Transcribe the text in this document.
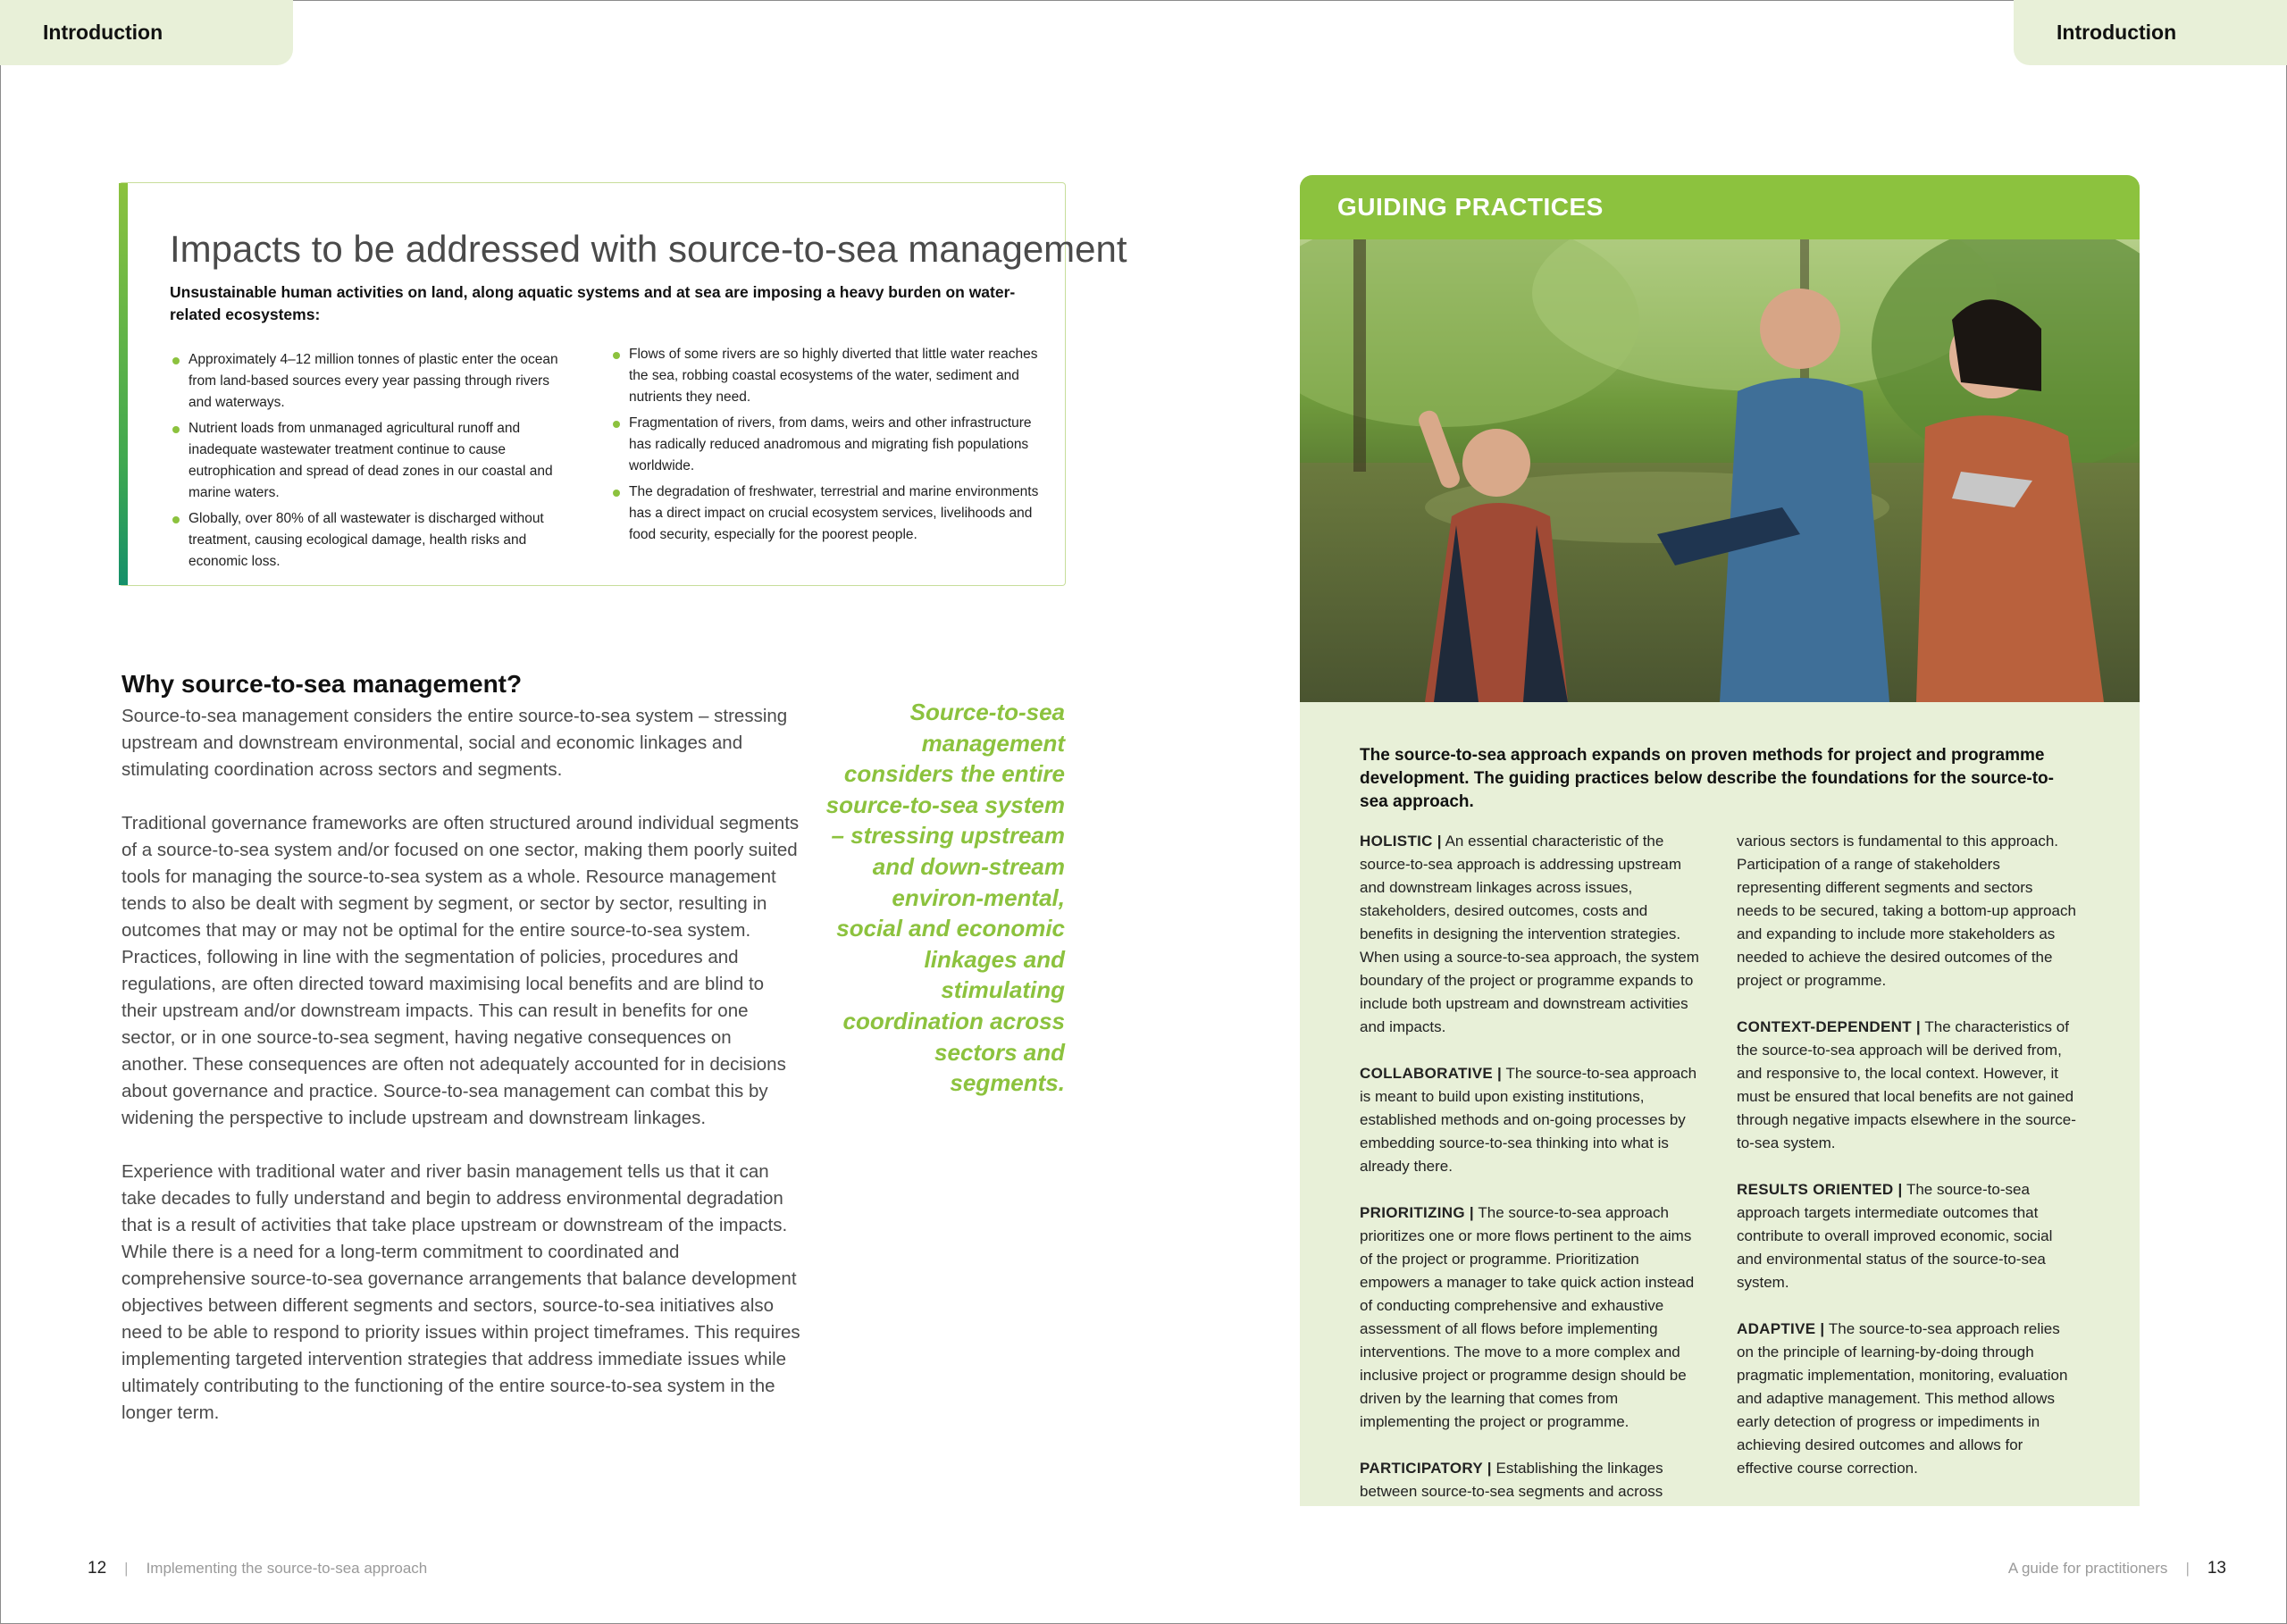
Introduction	Introduction
Impacts to be addressed with source-to-sea management

Unsustainable human activities on land, along aquatic systems and at sea are imposing a heavy burden on water-related ecosystems:

Approximately 4–12 million tonnes of plastic enter the ocean from land-based sources every year passing through rivers and waterways.
Nutrient loads from unmanaged agricultural runoff and inadequate wastewater treatment continue to cause eutrophication and spread of dead zones in our coastal and marine waters.
Globally, over 80% of all wastewater is discharged without treatment, causing ecological damage, health risks and economic loss.
Flows of some rivers are so highly diverted that little water reaches the sea, robbing coastal ecosystems of the water, sediment and nutrients they need.
Fragmentation of rivers, from dams, weirs and other infrastructure has radically reduced anadromous and migrating fish populations worldwide.
The degradation of freshwater, terrestrial and marine environments has a direct impact on crucial ecosystem services, livelihoods and food security, especially for the poorest people.
Why source-to-sea management?

Source-to-sea management considers the entire source-to-sea system – stressing upstream and downstream environmental, social and economic linkages and stimulating coordination across sectors and segments.

Traditional governance frameworks are often structured around individual segments of a source-to-sea system and/or focused on one sector, making them poorly suited tools for managing the source-to-sea system as a whole. Resource management tends to also be dealt with segment by segment, or sector by sector, resulting in outcomes that may or may not be optimal for the entire source-to-sea system. Practices, following in line with the segmentation of policies, procedures and regulations, are often directed toward maximising local benefits and are blind to their upstream and/or downstream impacts. This can result in benefits for one sector, or in one source-to-sea segment, having negative consequences on another. These consequences are often not adequately accounted for in decisions about governance and practice. Source-to-sea management can combat this by widening the perspective to include upstream and downstream linkages.

Experience with traditional water and river basin management tells us that it can take decades to fully understand and begin to address environmental degradation that is a result of activities that take place upstream or downstream of the impacts. While there is a need for a long-term commitment to coordinated and comprehensive source-to-sea governance arrangements that balance development objectives between different segments and sectors, source-to-sea initiatives also need to be able to respond to priority issues within project timeframes. This requires implementing targeted intervention strategies that address immediate issues while ultimately contributing to the functioning of the entire source-to-sea system in the longer term.

Source-to-sea management considers the entire source-to-sea system – stressing upstream and down-stream environ-mental, social and economic linkages and stimulating coordination across sectors and segments.
GUIDING PRACTICES

The source-to-sea approach expands on proven methods for project and programme development. The guiding practices below describe the foundations for the source-to-sea approach.

HOLISTIC | An essential characteristic of the source-to-sea approach is addressing upstream and downstream linkages across issues, stakeholders, desired outcomes, costs and benefits in designing the intervention strategies. When using a source-to-sea approach, the system boundary of the project or programme expands to include both upstream and downstream activities and impacts.

COLLABORATIVE | The source-to-sea approach is meant to build upon existing institutions, established methods and on-going processes by embedding source-to-sea thinking into what is already there.

PRIORITIZING | The source-to-sea approach prioritizes one or more flows pertinent to the aims of the project or programme. Prioritization empowers a manager to take quick action instead of conducting comprehensive and exhaustive assessment of all flows before implementing interventions. The move to a more complex and inclusive project or programme design should be driven by the learning that comes from implementing the project or programme.

PARTICIPATORY | Establishing the linkages between source-to-sea segments and across

various sectors is fundamental to this approach. Participation of a range of stakeholders representing different segments and sectors needs to be secured, taking a bottom-up approach and expanding to include more stakeholders as needed to achieve the desired outcomes of the project or programme.

CONTEXT-DEPENDENT | The characteristics of the source-to-sea approach will be derived from, and responsive to, the local context. However, it must be ensured that local benefits are not gained through negative impacts elsewhere in the source-to-sea system.

RESULTS ORIENTED | The source-to-sea approach targets intermediate outcomes that contribute to overall improved economic, social and environmental status of the source-to-sea system.

ADAPTIVE | The source-to-sea approach relies on the principle of learning-by-doing through pragmatic implementation, monitoring, evaluation and adaptive management. This method allows early detection of progress or impediments in achieving desired outcomes and allows for effective course correction.

12 | Implementing the source-to-sea approach	A guide for practitioners | 13
